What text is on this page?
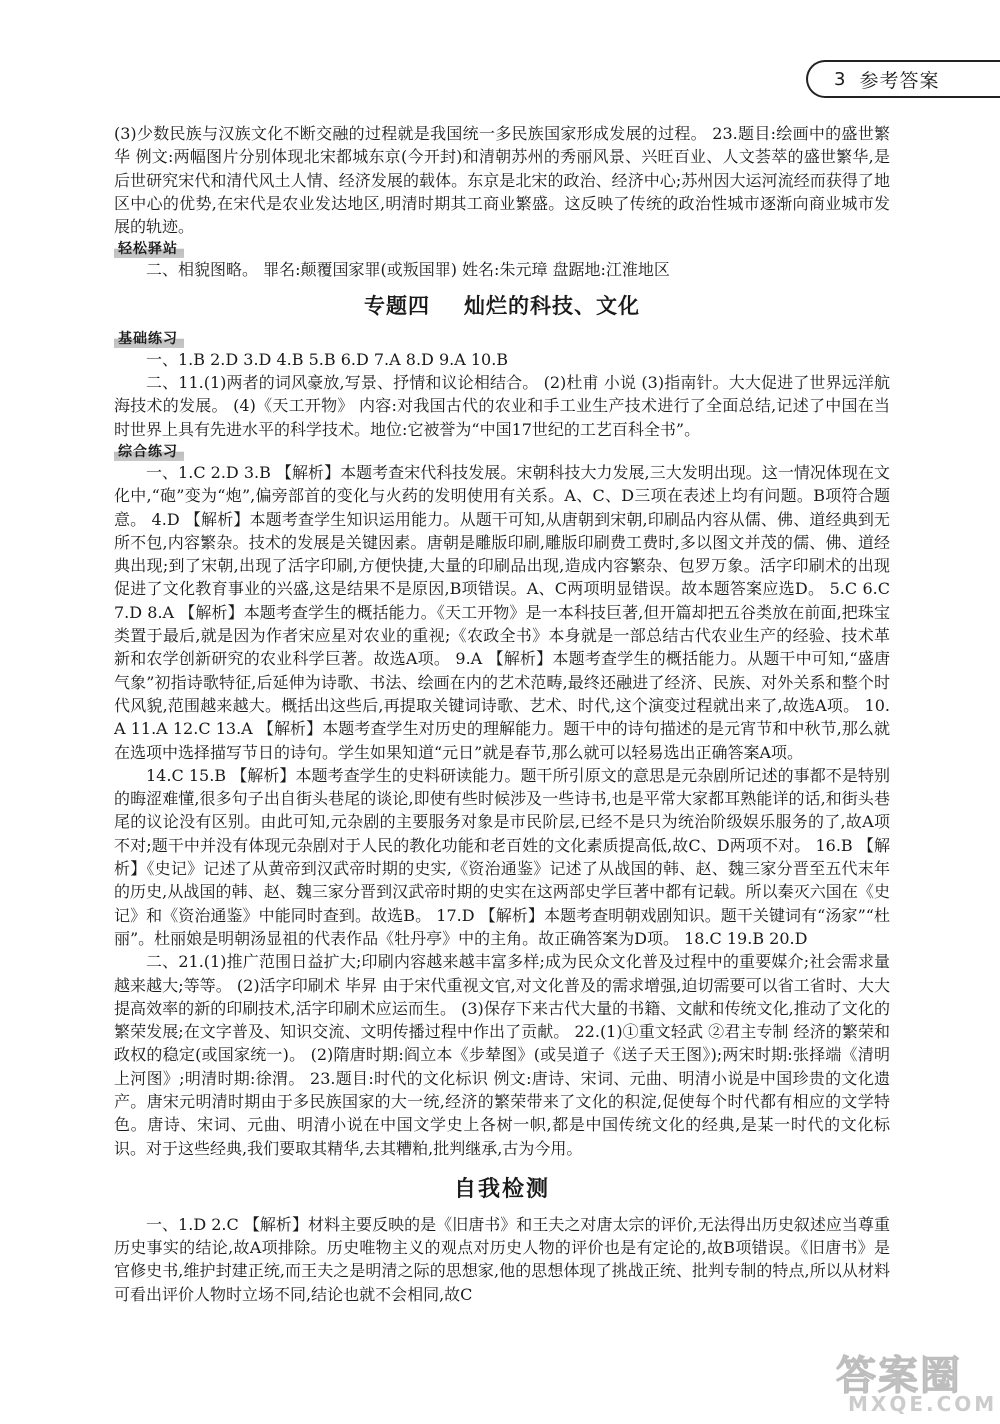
3 参考答案

(3)少数民族与汉族文化不断交融的过程就是我国统一多民族国家形成发展的过程。 23.题目:绘画中的盛世繁华 例文:两幅图片分别体现北宋都城东京(今开封)和清朝苏州的秀丽风景、兴旺百业、人文荟萃的盛世繁华,是后世研究宋代和清代风土人情、经济发展的载体。东京是北宋的政治、经济中心;苏州因大运河流经而获得了地区中心的优势,在宋代是农业发达地区,明清时期其工商业繁盛。这反映了传统的政治性城市逐渐向商业城市发展的轨迹。

轻松驿站

二、相貌图略。 罪名:颠覆国家罪(或叛国罪) 姓名:朱元璋 盘踞地:江淮地区

专题四 灿烂的科技、文化
基础练习

一、1.B 2.D 3.D 4.B 5.B 6.D 7.A 8.D 9.A 10.B

二、11.(1)两者的词风豪放,写景、抒情和议论相结合。 (2)杜甫 小说 (3)指南针。大大促进了世界远洋航海技术的发展。 (4)《天工开物》 内容:对我国古代的农业和手工业生产技术进行了全面总结,记述了中国在当时世界上具有先进水平的科学技术。地位:它被誉为“中国17世纪的工艺百科全书”。

综合练习

一、1.C 2.D 3.B 【解析】本题考查宋代科技发展。宋朝科技大力发展,三大发明出现。这一情况体现在文化中,“砲”变为“炮”,偏旁部首的变化与火药的发明使用有关系。A、C、D三项在表述上均有问题。B项符合题意。 4.D 【解析】本题考查学生知识运用能力。从题干可知,从唐朝到宋朝,印刷品内容从儒、佛、道经典到无所不包,内容繁杂。技术的发展是关键因素。唐朝是雕版印刷,雕版印刷费工费时,多以图文并茂的儒、佛、道经典出现;到了宋朝,出现了活字印刷,方便快捷,大量的印刷品出现,造成内容繁杂、包罗万象。活字印刷术的出现促进了文化教育事业的兴盛,这是结果不是原因,B项错误。A、C两项明显错误。故本题答案应选D。 5.C 6.C 7.D 8.A 【解析】本题考查学生的概括能力。《天工开物》是一本科技巨著,但开篇却把五谷类放在前面,把珠宝类置于最后,就是因为作者宋应星对农业的重视;《农政全书》本身就是一部总结古代农业生产的经验、技术革新和农学创新研究的农业科学巨著。故选A项。 9.A 【解析】本题考查学生的概括能力。从题干中可知,“盛唐气象”初指诗歌特征,后延伸为诗歌、书法、绘画在内的艺术范畴,最终还融进了经济、民族、对外关系和整个时代风貌,范围越来越大。概括出这些后,再提取关键词诗歌、艺术、时代,这个演变过程就出来了,故选A项。 10.A 11.A 12.C 13.A 【解析】本题考查学生对历史的理解能力。题干中的诗句描述的是元宵节和中秋节,那么就在选项中选择描写节日的诗句。学生如果知道“元日”就是春节,那么就可以轻易选出正确答案A项。

14.C 15.B 【解析】本题考查学生的史料研读能力。题干所引原文的意思是元杂剧所记述的事都不是特别的晦涩难懂,很多句子出自街头巷尾的谈论,即使有些时候涉及一些诗书,也是平常大家都耳熟能详的话,和街头巷尾的议论没有区别。由此可知,元杂剧的主要服务对象是市民阶层,已经不是只为统治阶级娱乐服务的了,故A项不对;题干中并没有体现元杂剧对于人民的教化功能和老百姓的文化素质提高低,故C、D两项不对。 16.B 【解析】《史记》记述了从黄帝到汉武帝时期的史实,《资治通鉴》记述了从战国的韩、赵、魏三家分晋至五代末年的历史,从战国的韩、赵、魏三家分晋到汉武帝时期的史实在这两部史学巨著中都有记载。所以秦灭六国在《史记》和《资治通鉴》中能同时查到。故选B。 17.D 【解析】本题考查明朝戏剧知识。题干关键词有“汤家”“杜丽”。杜丽娘是明朝汤显祖的代表作品《牡丹亭》中的主角。故正确答案为D项。 18.C 19.B 20.D

二、21.(1)推广范围日益扩大;印刷内容越来越丰富多样;成为民众文化普及过程中的重要媒介;社会需求量越来越大;等等。 (2)活字印刷术 毕昇 由于宋代重视文官,对文化普及的需求增强,迫切需要可以省工省时、大大提高效率的新的印刷技术,活字印刷术应运而生。 (3)保存下来古代大量的书籍、文献和传统文化,推动了文化的繁荣发展;在文字普及、知识交流、文明传播过程中作出了贡献。 22.(1)①重文轻武 ②君主专制 经济的繁荣和政权的稳定(或国家统一)。 (2)隋唐时期:阎立本《步辇图》(或吴道子《送子天王图》);两宋时期:张择端《清明上河图》;明清时期:徐渭。 23.题目:时代的文化标识 例文:唐诗、宋词、元曲、明清小说是中国珍贵的文化遗产。唐宋元明清时期由于多民族国家的大一统,经济的繁荣带来了文化的积淀,促使每个时代都有相应的文学特色。唐诗、宋词、元曲、明清小说在中国文学史上各树一帜,都是中国传统文化的经典,是某一时代的文化标识。对于这些经典,我们要取其精华,去其糟粕,批判继承,古为今用。

自我检测

一、1.D 2.C 【解析】材料主要反映的是《旧唐书》和王夫之对唐太宗的评价,无法得出历史叙述应当尊重历史事实的结论,故A项排除。历史唯物主义的观点对历史人物的评价也是有定论的,故B项错误。《旧唐书》是官修史书,维护封建正统,而王夫之是明清之际的思想家,他的思想体现了挑战正统、批判专制的特点,所以从材料可看出评价人物时立场不同,结论也就不会相同,故C

答案圈
MXQE.COM
